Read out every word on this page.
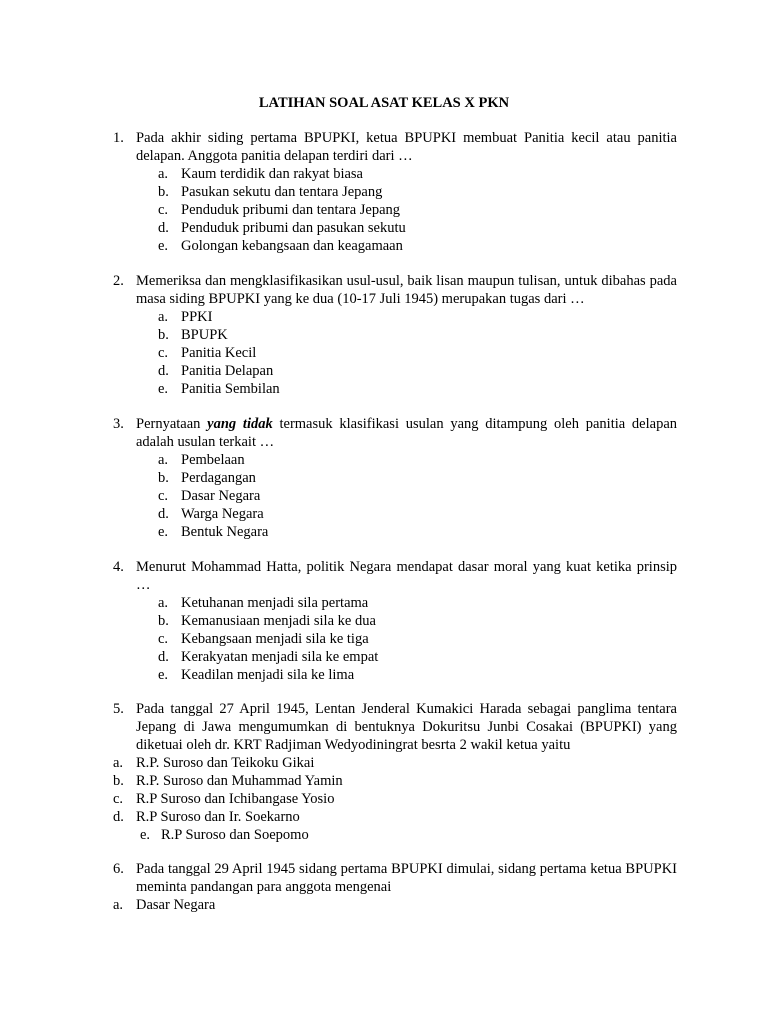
LATIHAN SOAL ASAT KELAS X PKN
1. Pada akhir siding pertama BPUPKI, ketua BPUPKI membuat Panitia kecil atau panitia delapan. Anggota panitia delapan terdiri dari …
a. Kaum terdidik dan rakyat biasa
b. Pasukan sekutu dan tentara Jepang
c. Penduduk pribumi dan tentara Jepang
d. Penduduk pribumi dan pasukan sekutu
e. Golongan kebangsaan dan keagamaan
2. Memeriksa dan mengklasifikasikan usul-usul, baik lisan maupun tulisan, untuk dibahas pada masa siding BPUPKI yang ke dua (10-17 Juli 1945) merupakan tugas dari …
a. PPKI
b. BPUPK
c. Panitia Kecil
d. Panitia Delapan
e. Panitia Sembilan
3. Pernyataan yang tidak termasuk klasifikasi usulan yang ditampung oleh panitia delapan adalah usulan terkait …
a. Pembelaan
b. Perdagangan
c. Dasar Negara
d. Warga Negara
e. Bentuk Negara
4. Menurut Mohammad Hatta, politik Negara mendapat dasar moral yang kuat ketika prinsip …
a. Ketuhanan menjadi sila pertama
b. Kemanusiaan menjadi sila ke dua
c. Kebangsaan menjadi sila ke tiga
d. Kerakyatan menjadi sila ke empat
e. Keadilan menjadi sila ke lima
5. Pada tanggal 27 April 1945, Lentan Jenderal Kumakici Harada sebagai panglima tentara Jepang di Jawa mengumumkan di bentuknya Dokuritsu Junbi Cosakai (BPUPKI) yang diketuai oleh dr. KRT Radjiman Wedyodiningrat besrta 2 wakil ketua yaitu
a. R.P. Suroso dan Teikoku Gikai
b. R.P. Suroso dan Muhammad Yamin
c. R.P Suroso dan Ichibangase Yosio
d. R.P Suroso dan Ir. Soekarno
e. R.P Suroso dan Soepomo
6. Pada tanggal 29 April 1945 sidang pertama BPUPKI dimulai, sidang pertama ketua BPUPKI meminta pandangan para anggota mengenai
a. Dasar Negara
